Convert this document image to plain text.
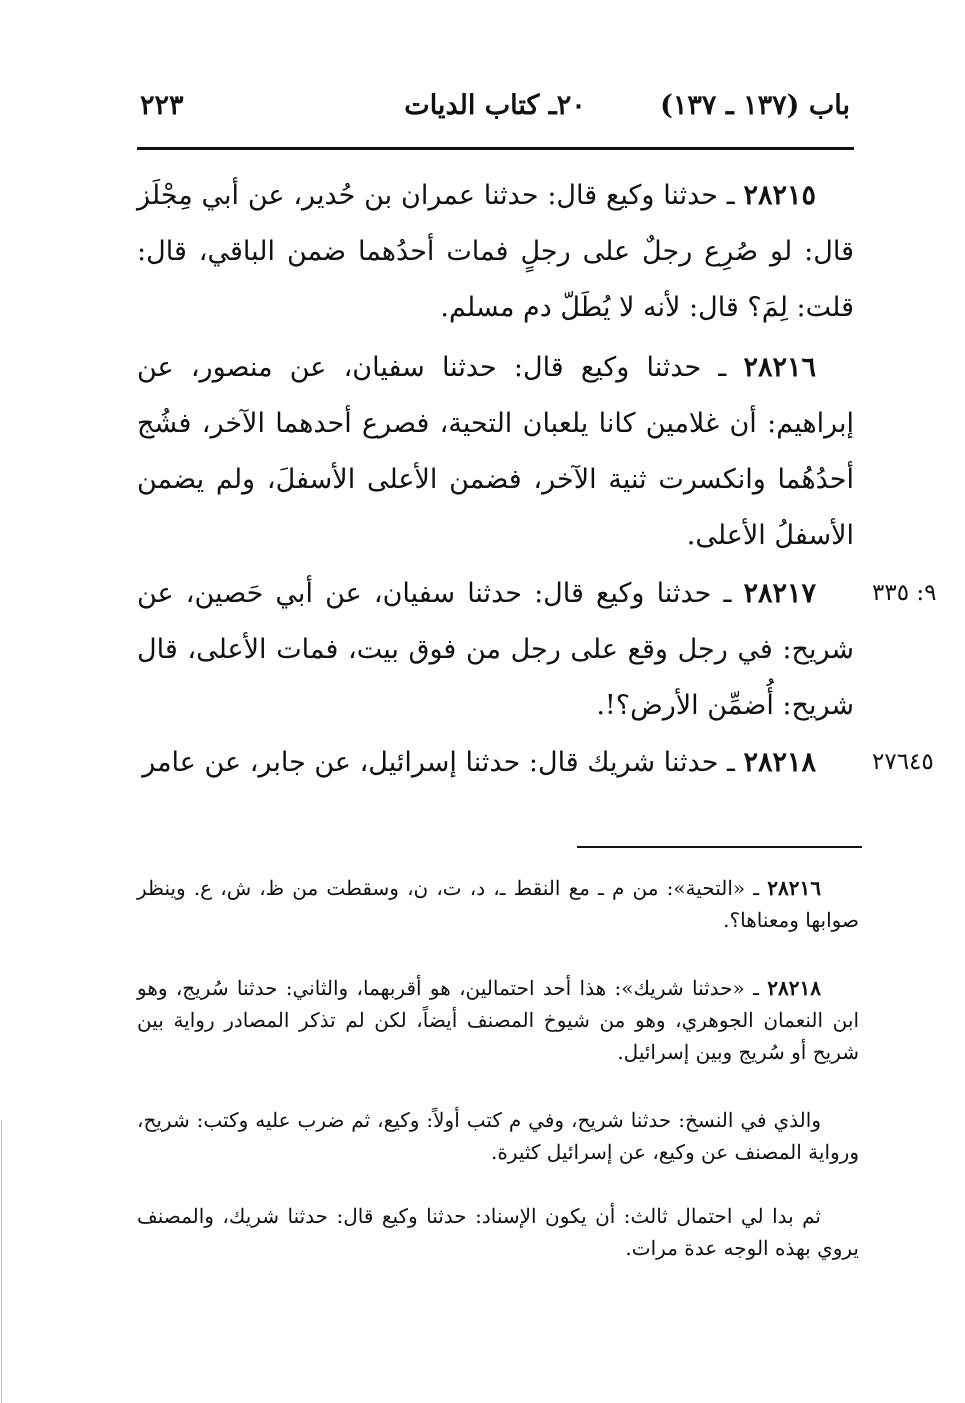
باب (١٣٧ ـ ١٣٧)
٢٠ـ كتاب الديات
٢٢٣
٢٨٢١٥ ـ حدثنا وكيع قال: حدثنا عمران بن حُدير، عن أبي مِجْلَز قال: لو صُرِع رجلٌ على رجلٍ فمات أحدُهما ضمن الباقي، قال: قلت: لِمَ؟ قال: لأنه لا يُطَلّ دم مسلم.
٢٨٢١٦ ـ حدثنا وكيع قال: حدثنا سفيان، عن منصور، عن إبراهيم: أن غلامين كانا يلعبان التحية، فصرع أحدهما الآخر، فشُج أحدُهُما وانكسرت ثنية الآخر، فضمن الأعلى الأسفلَ، ولم يضمن الأسفلُ الأعلى.
٩: ٣٣٥
٢٨٢١٧ ـ حدثنا وكيع قال: حدثنا سفيان، عن أبي حَصين، عن شريح: في رجل وقع على رجل من فوق بيت، فمات الأعلى، قال شريح: أُضمِّن الأرض؟!.
٢٧٦٤٥
٢٨٢١٨ ـ حدثنا شريك قال: حدثنا إسرائيل، عن جابر، عن عامر
٢٨٢١٦ ـ «التحية»: من م ـ مع النقط ـ، د، ت، ن، وسقطت من ظ، ش، ع. وينظر صوابها ومعناها؟.
٢٨٢١٨ ـ «حدثنا شريك»: هذا أحد احتمالين، هو أقربهما، والثاني: حدثنا سُريج، وهو ابن النعمان الجوهري، وهو من شيوخ المصنف أيضاً، لكن لم تذكر المصادر رواية بين شريح أو سُريج وبين إسرائيل.
والذي في النسخ: حدثنا شريح، وفي م كتب أولاً: وكيع، ثم ضرب عليه وكتب: شريح، ورواية المصنف عن وكيع، عن إسرائيل كثيرة.
ثم بدا لي احتمال ثالث: أن يكون الإسناد: حدثنا وكيع قال: حدثنا شريك، والمصنف يروي بهذه الوجه عدة مرات.
